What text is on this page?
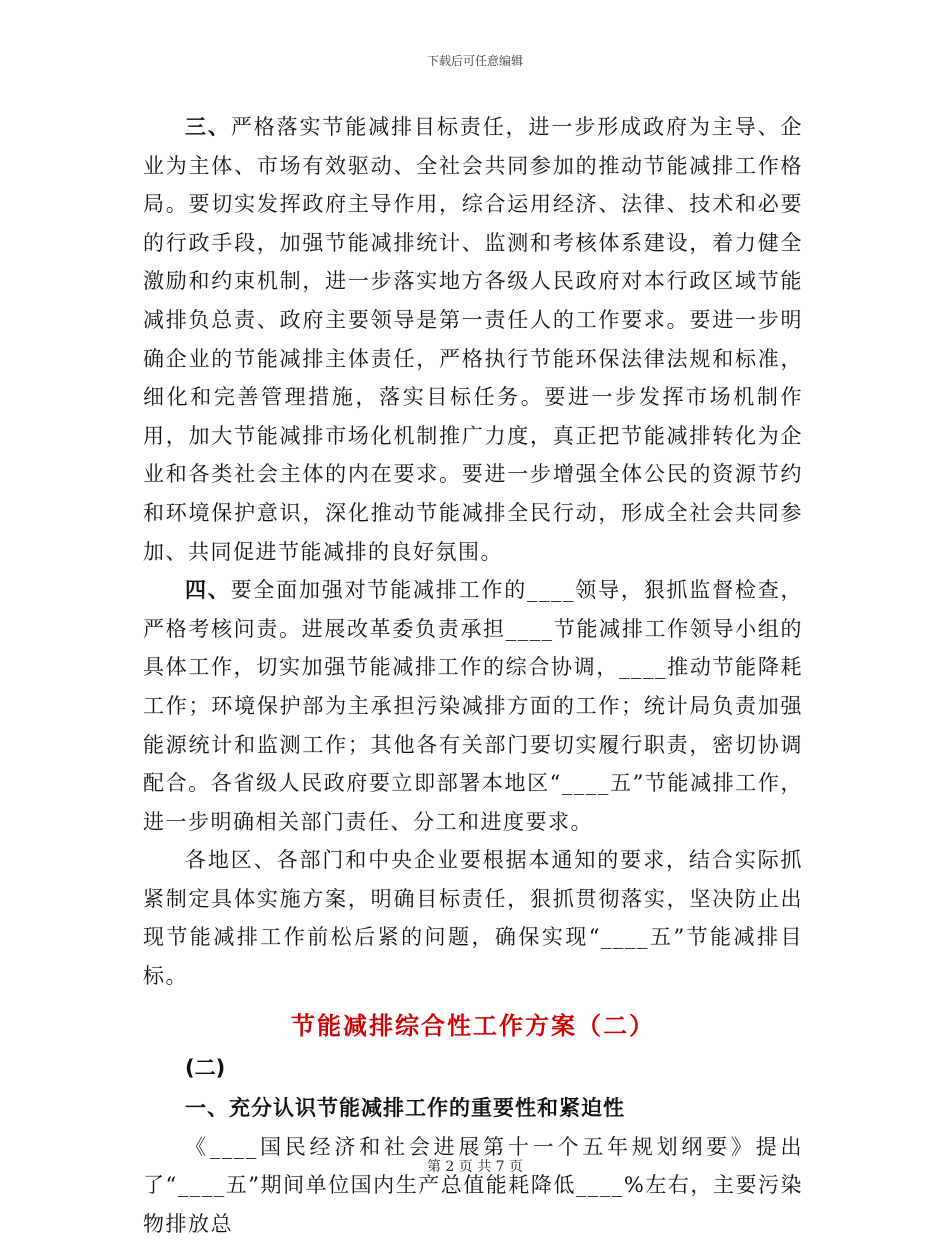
下载后可任意编辑

三、严格落实节能减排目标责任，进一步形成政府为主导、企业为主体、市场有效驱动、全社会共同参加的推动节能减排工作格局。要切实发挥政府主导作用，综合运用经济、法律、技术和必要的行政手段，加强节能减排统计、监测和考核体系建设，着力健全激励和约束机制，进一步落实地方各级人民政府对本行政区域节能减排负总责、政府主要领导是第一责任人的工作要求。要进一步明确企业的节能减排主体责任，严格执行节能环保法律法规和标准，细化和完善管理措施，落实目标任务。要进一步发挥市场机制作用，加大节能减排市场化机制推广力度，真正把节能减排转化为企业和各类社会主体的内在要求。要进一步增强全体公民的资源节约和环境保护意识，深化推动节能减排全民行动，形成全社会共同参加、共同促进节能减排的良好氛围。

四、要全面加强对节能减排工作的____领导，狠抓监督检查，严格考核问责。进展改革委负责承担____节能减排工作领导小组的具体工作，切实加强节能减排工作的综合协调，____推动节能降耗工作；环境保护部为主承担污染减排方面的工作；统计局负责加强能源统计和监测工作；其他各有关部门要切实履行职责，密切协调配合。各省级人民政府要立即部署本地区“____五”节能减排工作，进一步明确相关部门责任、分工和进度要求。

各地区、各部门和中央企业要根据本通知的要求，结合实际抓紧制定具体实施方案，明确目标责任，狠抓贯彻落实，坚决防止出现节能减排工作前松后紧的问题，确保实现“____五”节能减排目标。

节能减排综合性工作方案（二）

(二)

一、充分认识节能减排工作的重要性和紧迫性

《____国民经济和社会进展第十一个五年规划纲要》提出了“____五”期间单位国内生产总值能耗降低____%左右，主要污染物排放总

第 2 页 共 7 页
